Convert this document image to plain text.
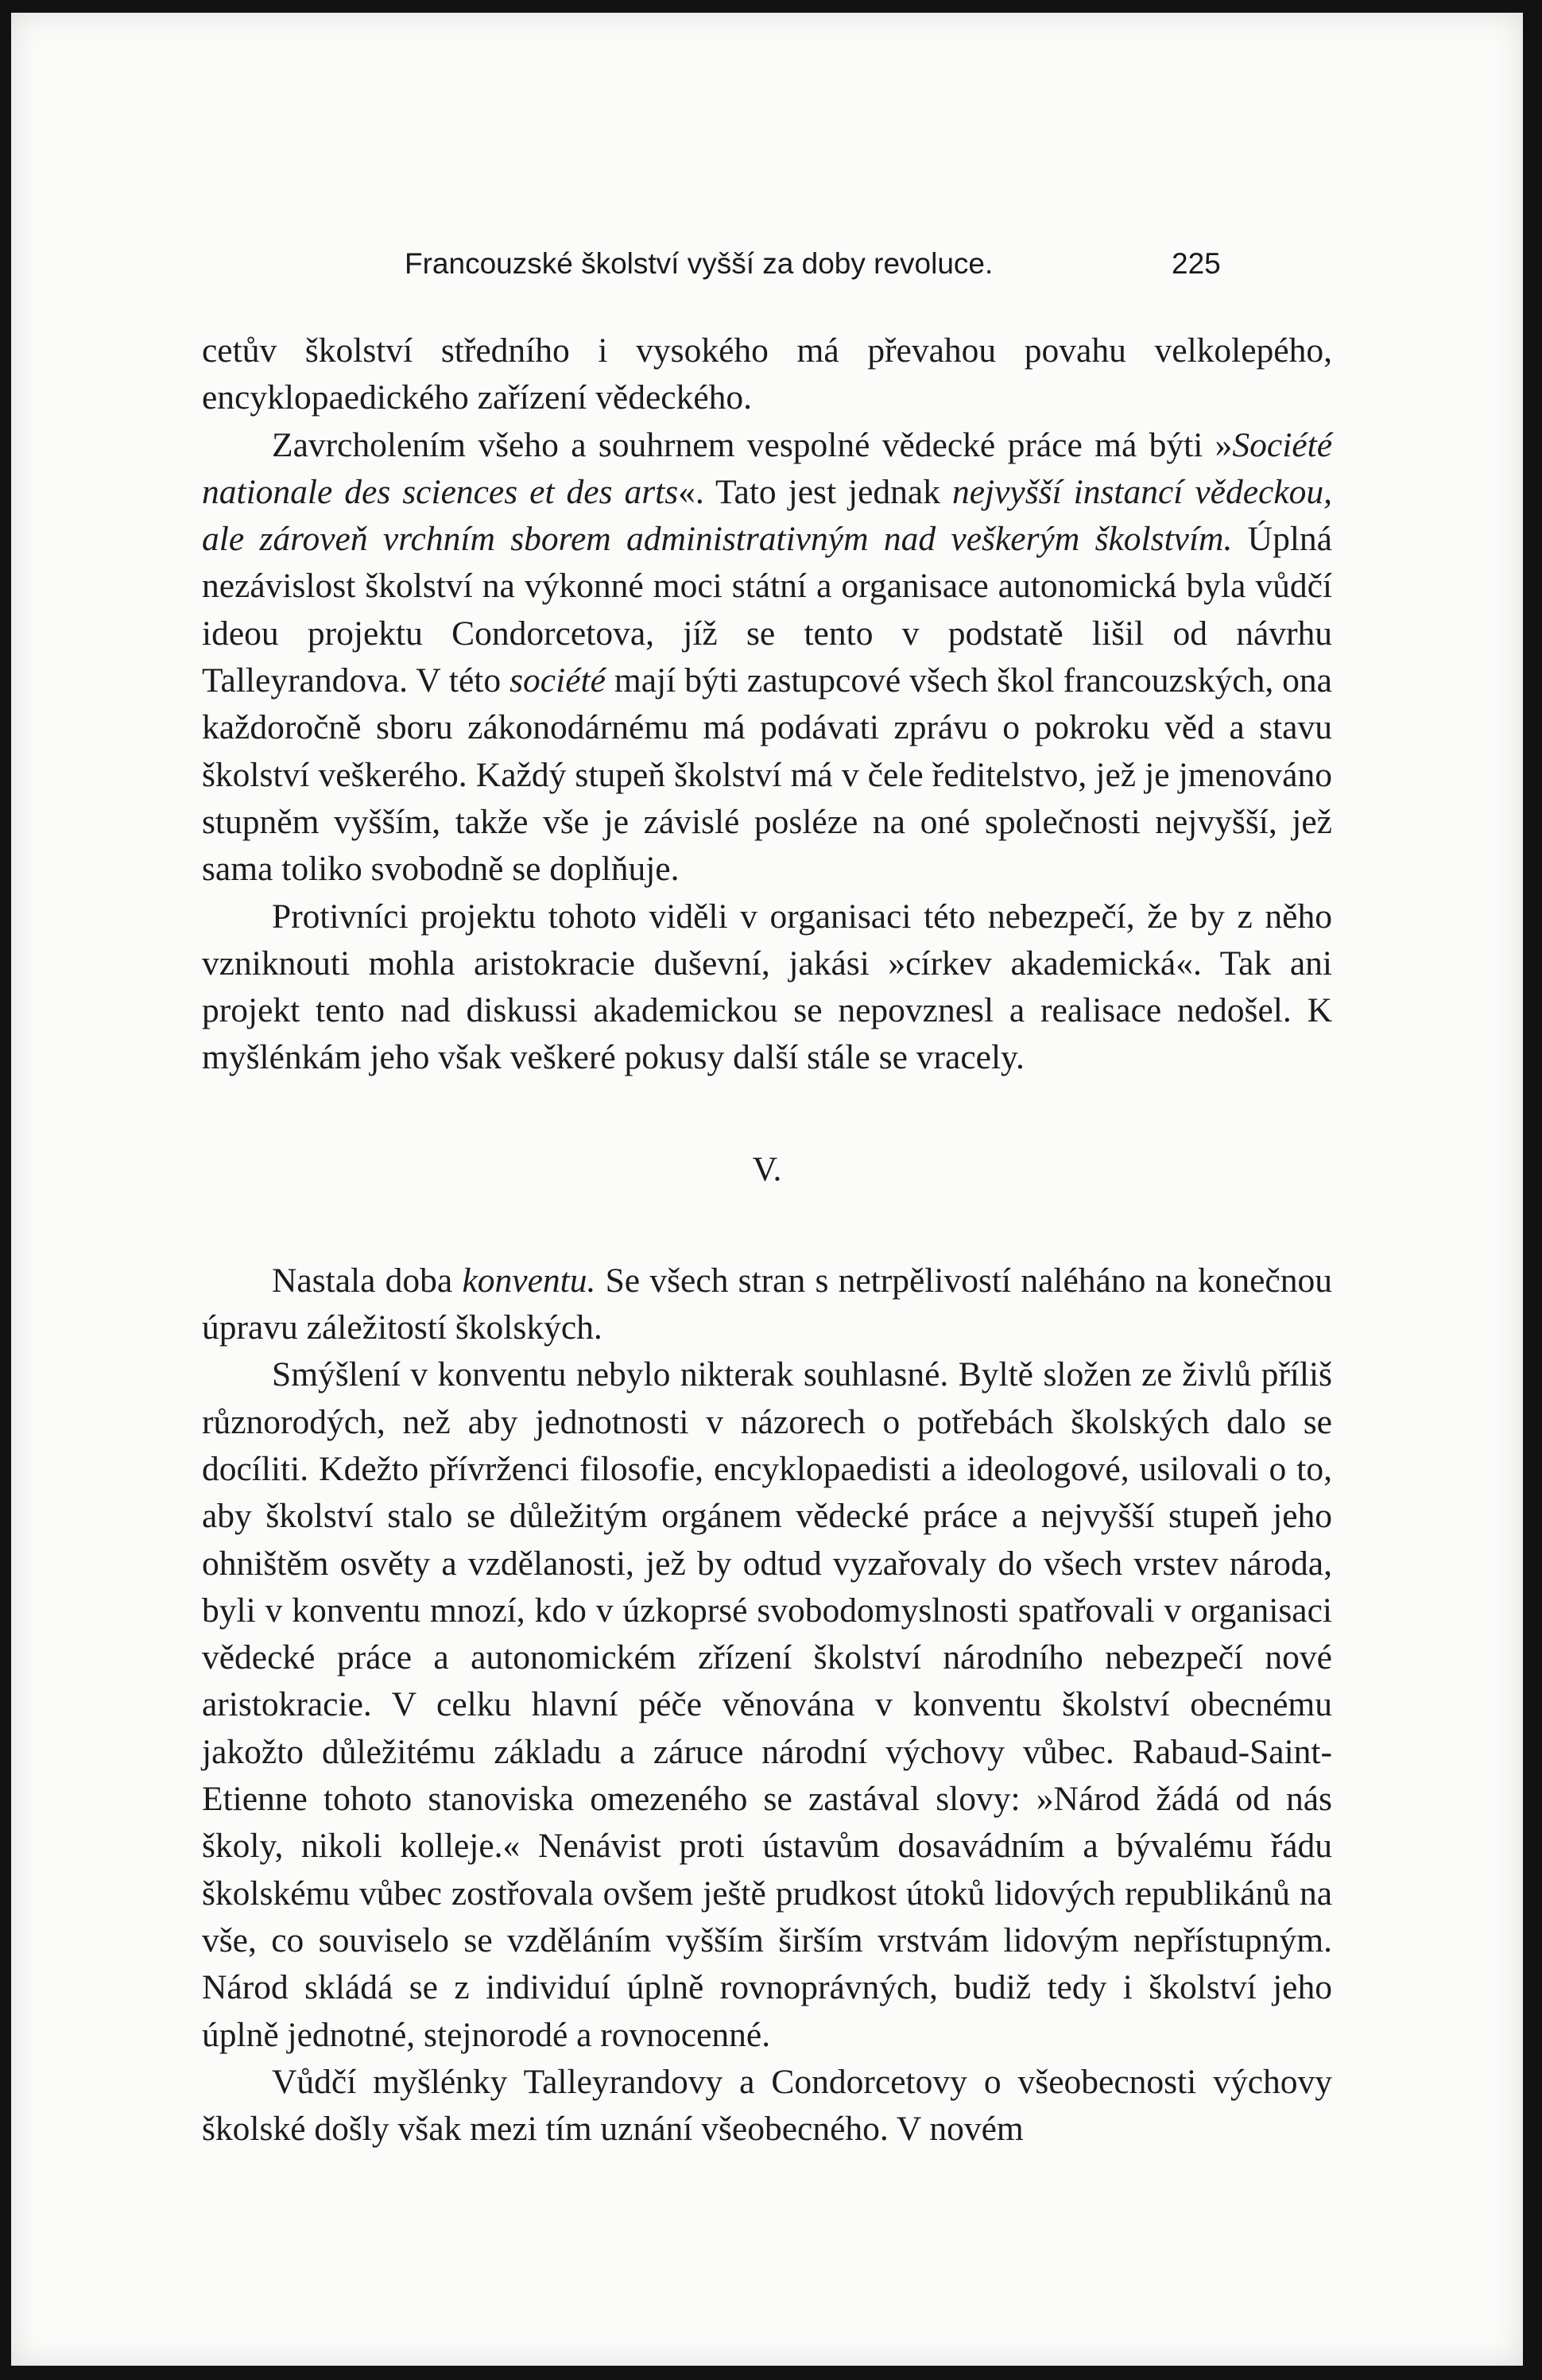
Francouzské školství vyšší za doby revoluce.	225

cetův školství středního i vysokého má převahou povahu velkolepého, encyklopaedického zařízení vědeckého.

Zavrcholením všeho a souhrnem vespolné vědecké práce má býti »Société nationale des sciences et des arts«. Tato jest jednak nejvyšší instancí vědeckou, ale zároveň vrchním sborem administrativným nad veškerým školstvím. Úplná nezávislost školství na výkonné moci státní a organisace autonomická byla vůdčí ideou projektu Condorcetova, jíž se tento v podstatě lišil od návrhu Talleyrandova. V této société mají býti zastupcové všech škol francouzských, ona každoročně sboru zákonodárnému má podávati zprávu o pokroku věd a stavu školství veškerého. Každý stupeň školství má v čele ředitelstvo, jež je jmenováno stupněm vyšším, takže vše je závislé posléze na oné společnosti nejvyšší, jež sama toliko svobodně se doplňuje.

Protivníci projektu tohoto viděli v organisaci této nebezpečí, že by z něho vzniknouti mohla aristokracie duševní, jakási »církev akademická«. Tak ani projekt tento nad diskussi akademickou se nepovznesl a realisace nedošel. K myšlénkám jeho však veškeré pokusy další stále se vracely.

V.

Nastala doba konventu. Se všech stran s netrpělivostí naléháno na konečnou úpravu záležitostí školských.

Smýšlení v konventu nebylo nikterak souhlasné. Byltě složen ze živlů příliš různorodých, než aby jednotnosti v názorech o potřebách školských dalo se docíliti. Kdežto přívrženci filosofie, encyklopaedisti a ideologové, usilovali o to, aby školství stalo se důležitým orgánem vědecké práce a nejvyšší stupeň jeho ohništěm osvěty a vzdělanosti, jež by odtud vyzařovaly do všech vrstev národa, byli v konventu mnozí, kdo v úzkoprsé svobodomyslnosti spatřovali v organisaci vědecké práce a autonomickém zřízení školství národního nebezpečí nové aristokracie. V celku hlavní péče věnována v konventu školství obecnému jakožto důležitému základu a záruce národní výchovy vůbec. Rabaud-Saint-Etienne tohoto stanoviska omezeného se zastával slovy: »Národ žádá od nás školy, nikoli kolleje.« Nenávist proti ústavům dosavádním a bývalému řádu školskému vůbec zostřovala ovšem ještě prudkost útoků lidových republikánů na vše, co souviselo se vzděláním vyšším širším vrstvám lidovým nepřístupným. Národ skládá se z individuí úplně rovnoprávných, budiž tedy i školství jeho úplně jednotné, stejnorodé a rovnocenné.

Vůdčí myšlénky Talleyrandovy a Condorcetovy o všeobecnosti výchovy školské došly však mezi tím uznání všeobecného. V novém
